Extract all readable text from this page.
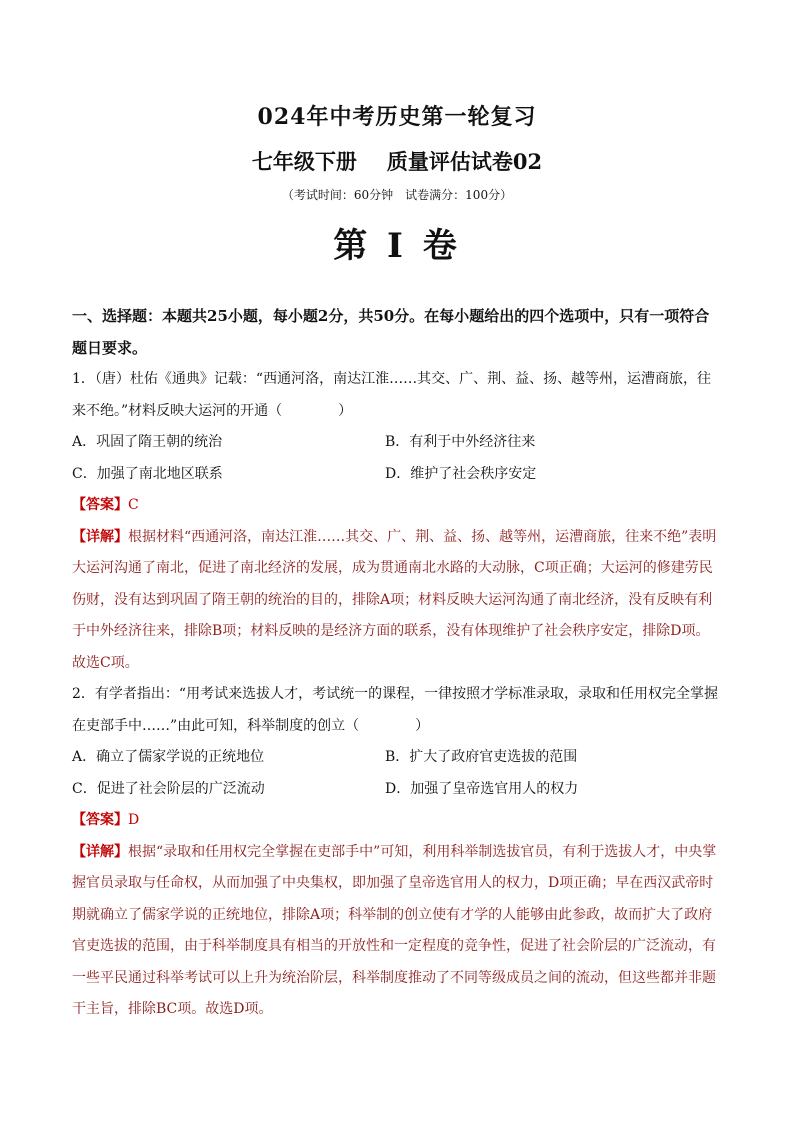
024年中考历史第一轮复习
七年级下册 质量评估试卷02
（考试时间：60分钟　试卷满分：100分）
第 I 卷

一、选择题：本题共25小题，每小题2分，共50分。在每小题给出的四个选项中，只有一项符合题日要求。

1．（唐）杜佑《通典》记载：“西通河洛，南达江淮……其交、广、荆、益、扬、越等州，运漕商旅，往来不绝。”材料反映大运河的开通（　　　　）

A．巩固了隋王朝的统治	B．有利于中外经济往来
C．加强了南北地区联系	D．维护了社会秩序安定

【答案】C

【详解】根据材料“西通河洛，南达江淮……其交、广、荆、益、扬、越等州，运漕商旅，往来不绝”表明大运河沟通了南北，促进了南北经济的发展，成为贯通南北水路的大动脉，C项正确；大运河的修建劳民伤财，没有达到巩固了隋王朝的统治的目的，排除A项；材料反映大运河沟通了南北经济，没有反映有利于中外经济往来，排除B项；材料反映的是经济方面的联系，没有体现维护了社会秩序安定，排除D项。故选C项。

2．有学者指出：“用考试来选拔人才，考试统一的课程，一律按照才学标准录取，录取和任用权完全掌握在吏部手中……”由此可知，科举制度的创立（　　　　）

A．确立了儒家学说的正统地位	B．扩大了政府官吏选拔的范围
C．促进了社会阶层的广泛流动	D．加强了皇帝选官用人的权力

【答案】D

【详解】根据“录取和任用权完全掌握在吏部手中”可知，利用科举制选拔官员，有利于选拔人才，中央掌握官员录取与任命权，从而加强了中央集权，即加强了皇帝选官用人的权力，D项正确；早在西汉武帝时期就确立了儒家学说的正统地位，排除A项；科举制的创立使有才学的人能够由此参政，故而扩大了政府官吏选拔的范围，由于科举制度具有相当的开放性和一定程度的竞争性，促进了社会阶层的广泛流动，有一些平民通过科举考试可以上升为统治阶层，科举制度推动了不同等级成员之间的流动，但这些都并非题干主旨，排除BC项。故选D项。
